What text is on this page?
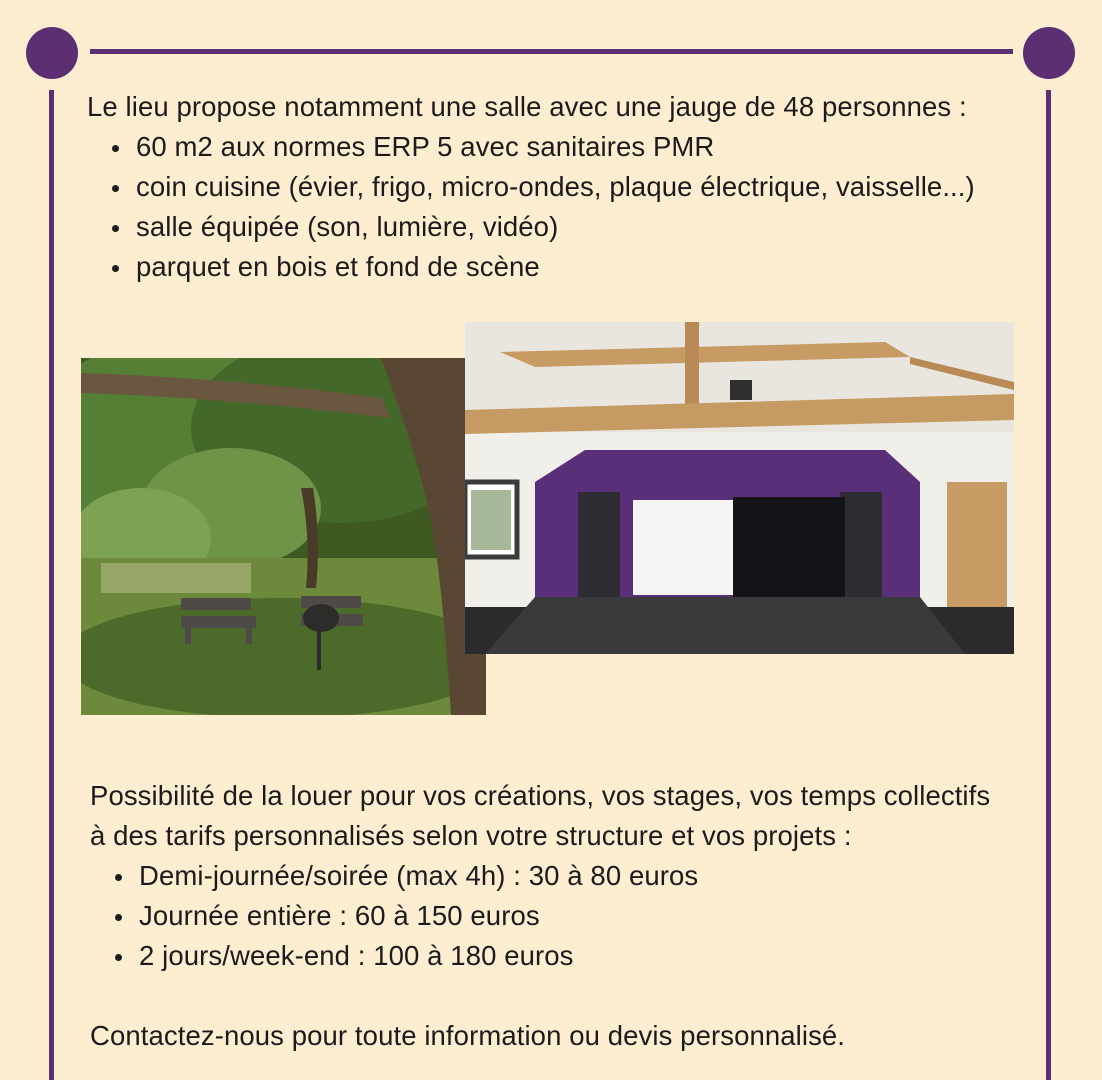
Le lieu propose notamment une salle avec une jauge de 48 personnes :

60 m2 aux normes ERP 5 avec sanitaires PMR
coin cuisine (évier, frigo, micro-ondes, plaque électrique, vaisselle...)
salle équipée (son, lumière, vidéo)
parquet en bois et fond de scène

Possibilité de la louer pour vos créations, vos stages, vos temps collectifs

à des tarifs personnalisés selon votre structure et vos projets :

Demi-journée/soirée (max 4h) : 30 à 80 euros
Journée entière : 60 à 150 euros
2 jours/week-end : 100 à 180 euros

Contactez-nous pour toute information ou devis personnalisé.
